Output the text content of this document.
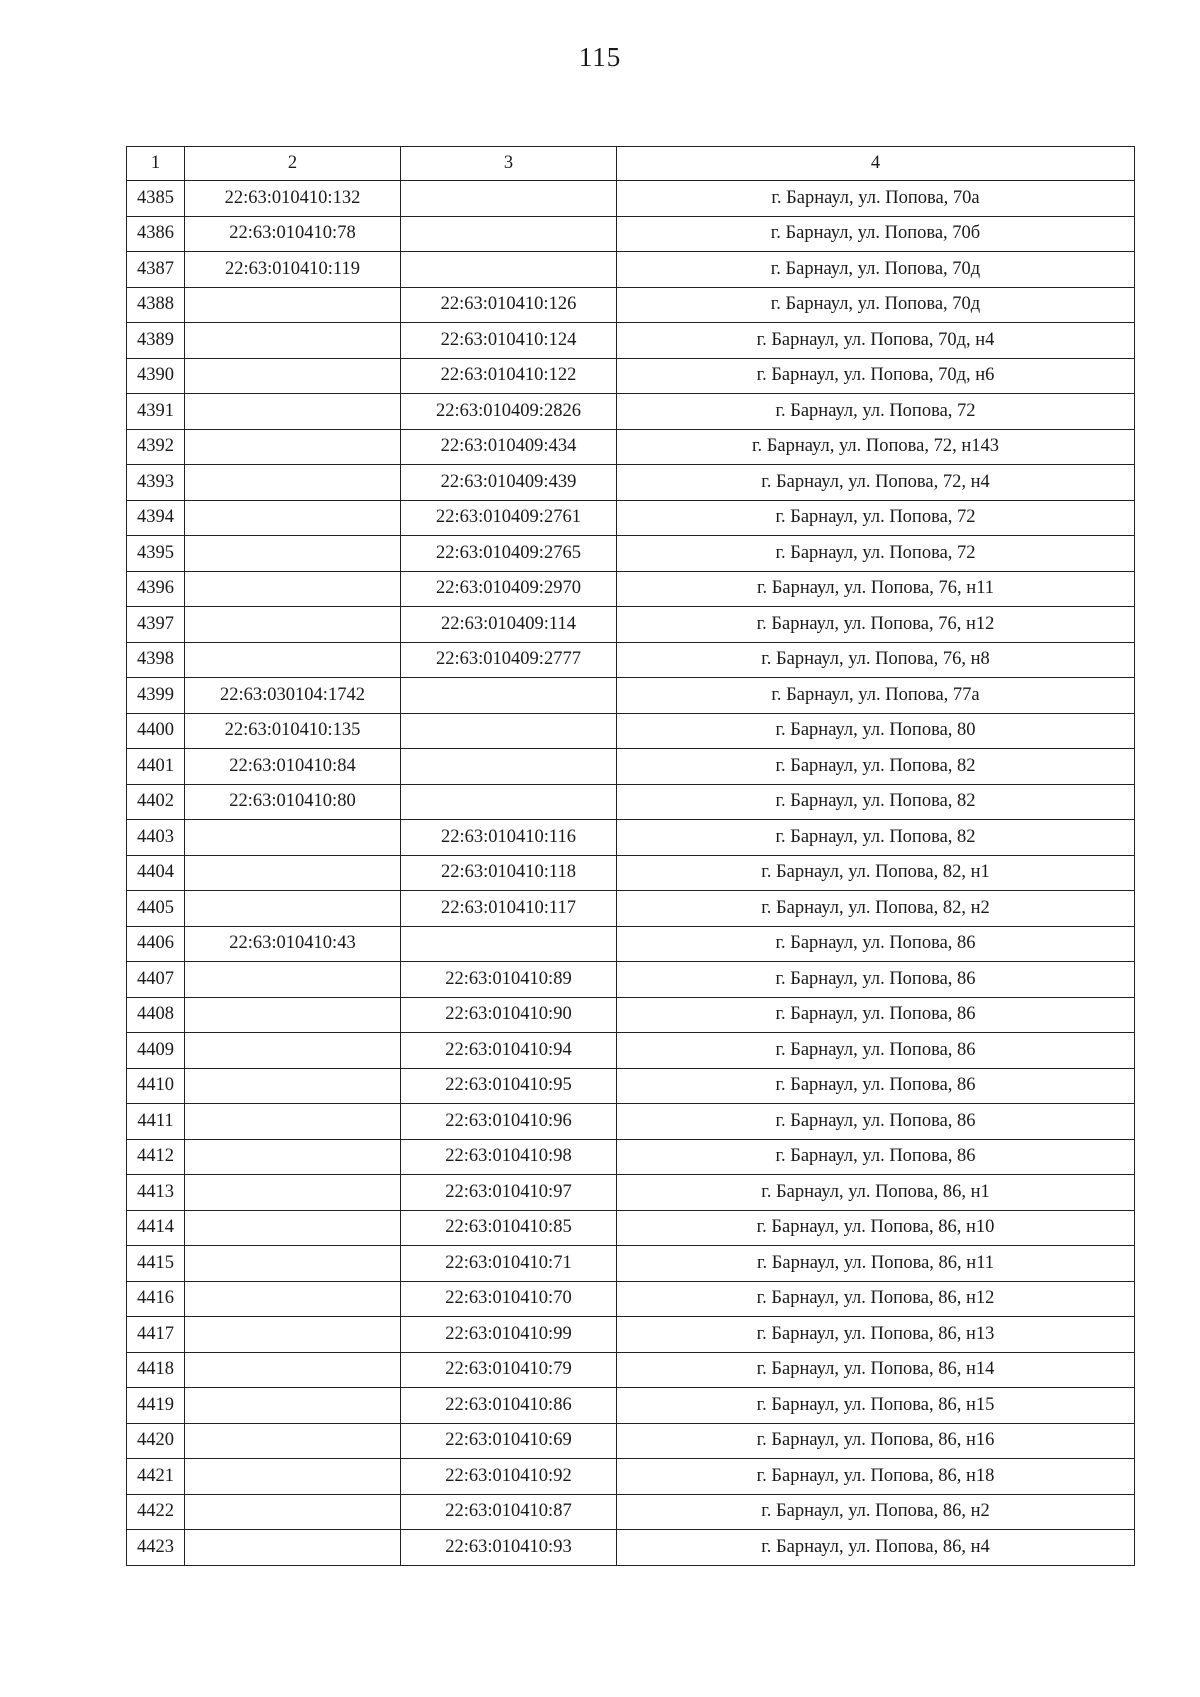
115
1	2	3	4
4385	22:63:010410:132		г. Барнаул, ул. Попова, 70а
4386	22:63:010410:78		г. Барнаул, ул. Попова, 70б
4387	22:63:010410:119		г. Барнаул, ул. Попова, 70д
4388		22:63:010410:126	г. Барнаул, ул. Попова, 70д
4389		22:63:010410:124	г. Барнаул, ул. Попова, 70д, н4
4390		22:63:010410:122	г. Барнаул, ул. Попова, 70д, н6
4391		22:63:010409:2826	г. Барнаул, ул. Попова, 72
4392		22:63:010409:434	г. Барнаул, ул. Попова, 72, н143
4393		22:63:010409:439	г. Барнаул, ул. Попова, 72, н4
4394		22:63:010409:2761	г. Барнаул, ул. Попова, 72
4395		22:63:010409:2765	г. Барнаул, ул. Попова, 72
4396		22:63:010409:2970	г. Барнаул, ул. Попова, 76, н11
4397		22:63:010409:114	г. Барнаул, ул. Попова, 76, н12
4398		22:63:010409:2777	г. Барнаул, ул. Попова, 76, н8
4399	22:63:030104:1742		г. Барнаул, ул. Попова, 77а
4400	22:63:010410:135		г. Барнаул, ул. Попова, 80
4401	22:63:010410:84		г. Барнаул, ул. Попова, 82
4402	22:63:010410:80		г. Барнаул, ул. Попова, 82
4403		22:63:010410:116	г. Барнаул, ул. Попова, 82
4404		22:63:010410:118	г. Барнаул, ул. Попова, 82, н1
4405		22:63:010410:117	г. Барнаул, ул. Попова, 82, н2
4406	22:63:010410:43		г. Барнаул, ул. Попова, 86
4407		22:63:010410:89	г. Барнаул, ул. Попова, 86
4408		22:63:010410:90	г. Барнаул, ул. Попова, 86
4409		22:63:010410:94	г. Барнаул, ул. Попова, 86
4410		22:63:010410:95	г. Барнаул, ул. Попова, 86
4411		22:63:010410:96	г. Барнаул, ул. Попова, 86
4412		22:63:010410:98	г. Барнаул, ул. Попова, 86
4413		22:63:010410:97	г. Барнаул, ул. Попова, 86, н1
4414		22:63:010410:85	г. Барнаул, ул. Попова, 86, н10
4415		22:63:010410:71	г. Барнаул, ул. Попова, 86, н11
4416		22:63:010410:70	г. Барнаул, ул. Попова, 86, н12
4417		22:63:010410:99	г. Барнаул, ул. Попова, 86, н13
4418		22:63:010410:79	г. Барнаул, ул. Попова, 86, н14
4419		22:63:010410:86	г. Барнаул, ул. Попова, 86, н15
4420		22:63:010410:69	г. Барнаул, ул. Попова, 86, н16
4421		22:63:010410:92	г. Барнаул, ул. Попова, 86, н18
4422		22:63:010410:87	г. Барнаул, ул. Попова, 86, н2
4423		22:63:010410:93	г. Барнаул, ул. Попова, 86, н4
